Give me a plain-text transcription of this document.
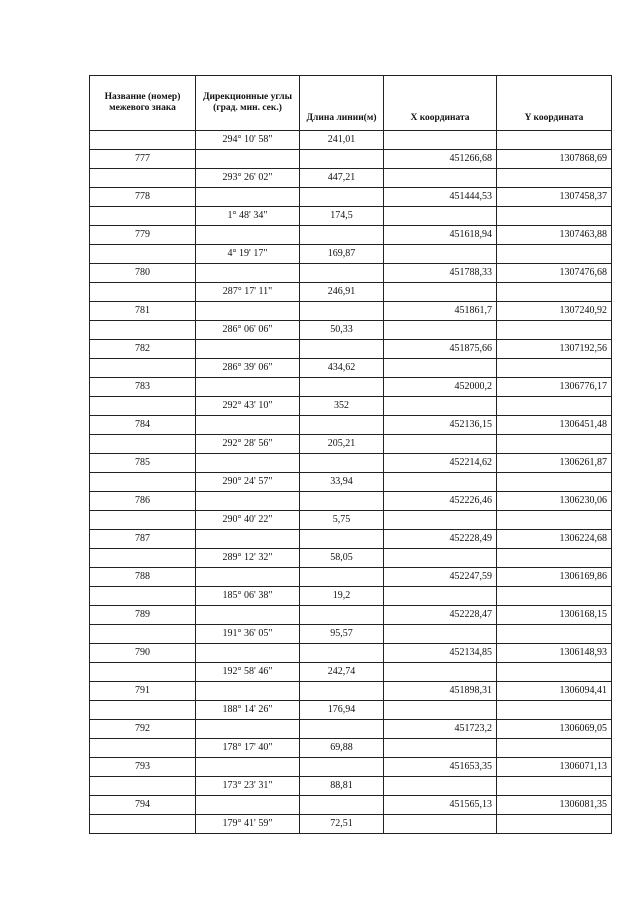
Название (номер) межевого знака	Дирекционные углы (град. мин. сек.)	Длина линии(м)	X координата	Y координата
	294° 10' 58"	241,01		
777			451266,68	1307868,69
	293° 26' 02"	447,21		
778			451444,53	1307458,37
	1° 48' 34"	174,5		
779			451618,94	1307463,88
	4° 19' 17"	169,87		
780			451788,33	1307476,68
	287° 17' 11"	246,91		
781			451861,7	1307240,92
	286° 06' 06"	50,33		
782			451875,66	1307192,56
	286° 39' 06"	434,62		
783			452000,2	1306776,17
	292° 43' 10"	352		
784			452136,15	1306451,48
	292° 28' 56"	205,21		
785			452214,62	1306261,87
	290° 24' 57"	33,94		
786			452226,46	1306230,06
	290° 40' 22"	5,75		
787			452228,49	1306224,68
	289° 12' 32"	58,05		
788			452247,59	1306169,86
	185° 06' 38"	19,2		
789			452228,47	1306168,15
	191° 36' 05"	95,57		
790			452134,85	1306148,93
	192° 58' 46"	242,74		
791			451898,31	1306094,41
	188° 14' 26"	176,94		
792			451723,2	1306069,05
	178° 17' 40"	69,88		
793			451653,35	1306071,13
	173° 23' 31"	88,81		
794			451565,13	1306081,35
	179° 41' 59"	72,51		
